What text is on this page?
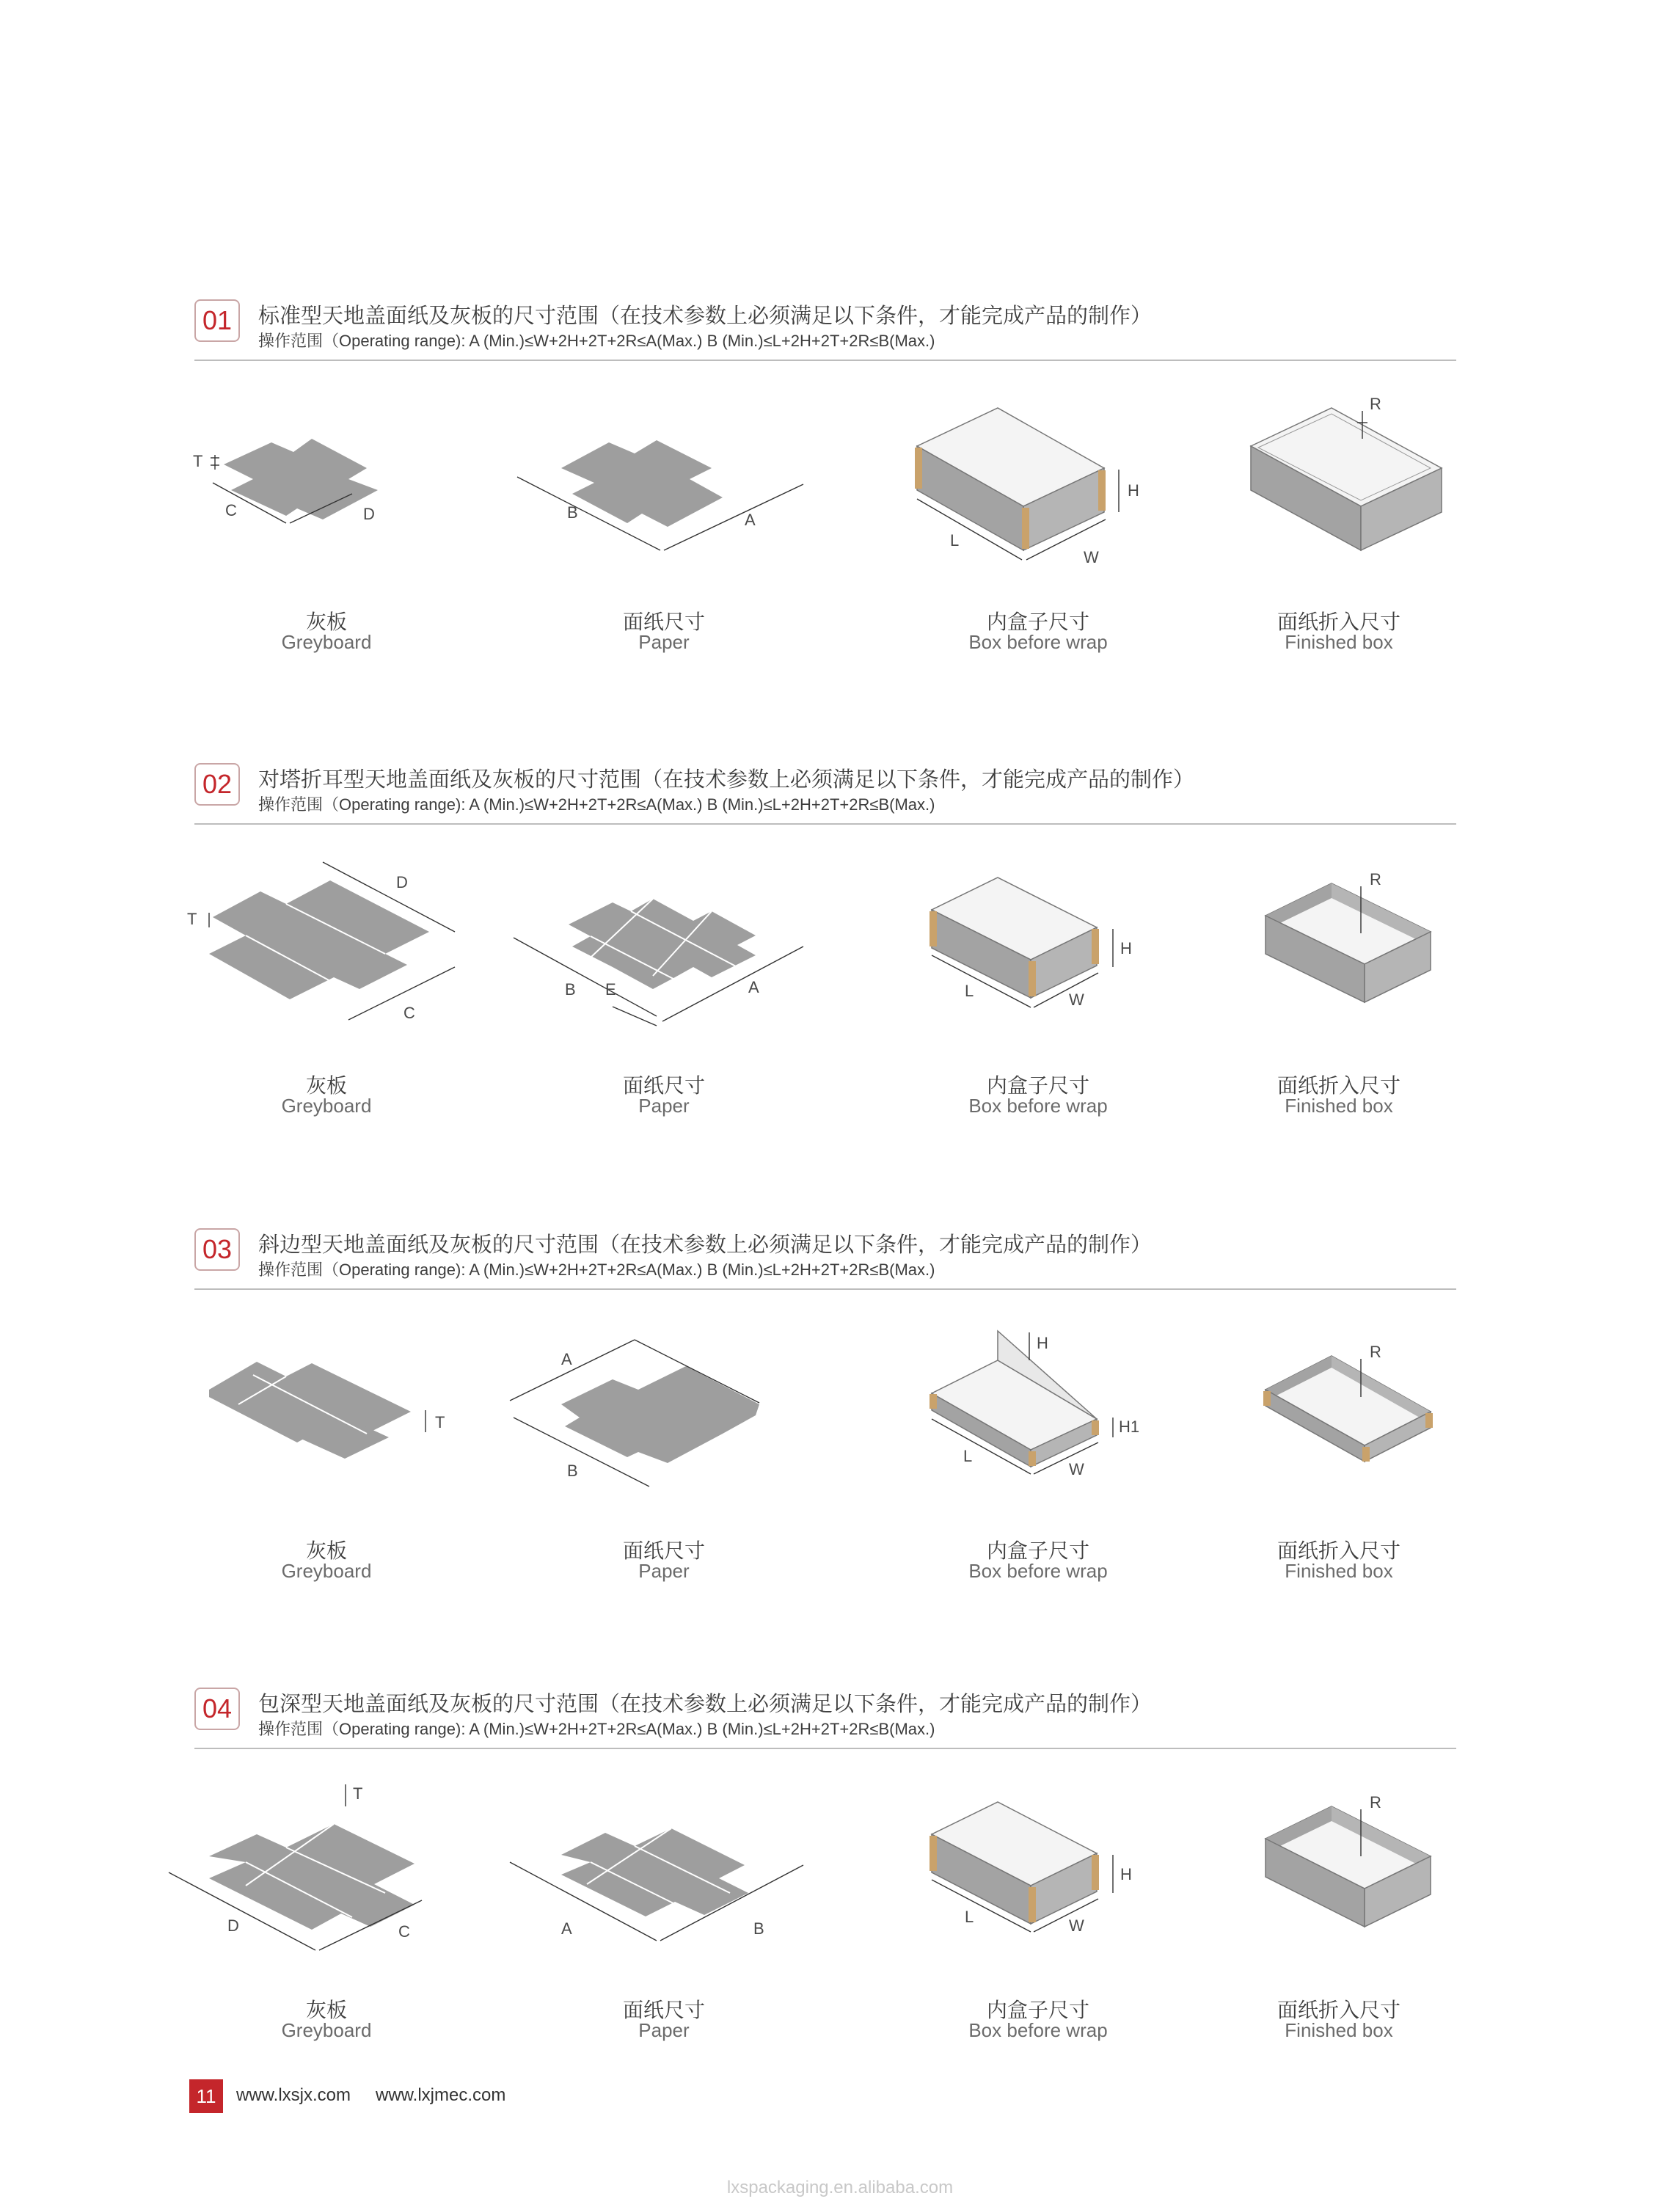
01	标准型天地盖面纸及灰板的尺寸范围（在技术参数上必须满足以下条件，才能完成产品的制作）
操作范围（Operating range): A (Min.)≤W+2H+2T+2R≤A(Max.) B (Min.)≤L+2H+2T+2R≤B(Max.)
T
C	D
灰板
Greyboard
B	A
面纸尺寸
Paper
L
W
H
内盒子尺寸
Box before wrap
R
面纸折入尺寸
Finished box
02	对塔折耳型天地盖面纸及灰板的尺寸范围（在技术参数上必须满足以下条件，才能完成产品的制作）
操作范围（Operating range): A (Min.)≤W+2H+2T+2R≤A(Max.) B (Min.)≤L+2H+2T+2R≤B(Max.)
T
D
C
灰板
Greyboard
B E	A
面纸尺寸
Paper
L	W
H
内盒子尺寸
Box before wrap
R
面纸折入尺寸
Finished box
03	斜边型天地盖面纸及灰板的尺寸范围（在技术参数上必须满足以下条件，才能完成产品的制作）
操作范围（Operating range): A (Min.)≤W+2H+2T+2R≤A(Max.) B (Min.)≤L+2H+2T+2R≤B(Max.)
T
灰板
Greyboard
A
B
面纸尺寸
Paper
H
H1
L
W
内盒子尺寸
Box before wrap
R
面纸折入尺寸
Finished box
04	包深型天地盖面纸及灰板的尺寸范围（在技术参数上必须满足以下条件，才能完成产品的制作）
操作范围（Operating range): A (Min.)≤W+2H+2T+2R≤A(Max.) B (Min.)≤L+2H+2T+2R≤B(Max.)
T
D	C
灰板
Greyboard
A	B
面纸尺寸
Paper
L	W
H
内盒子尺寸
Box before wrap
R
面纸折入尺寸
Finished box
11	www.lxsjx.com www.lxjmec.com
lxspackaging.en.alibaba.com
